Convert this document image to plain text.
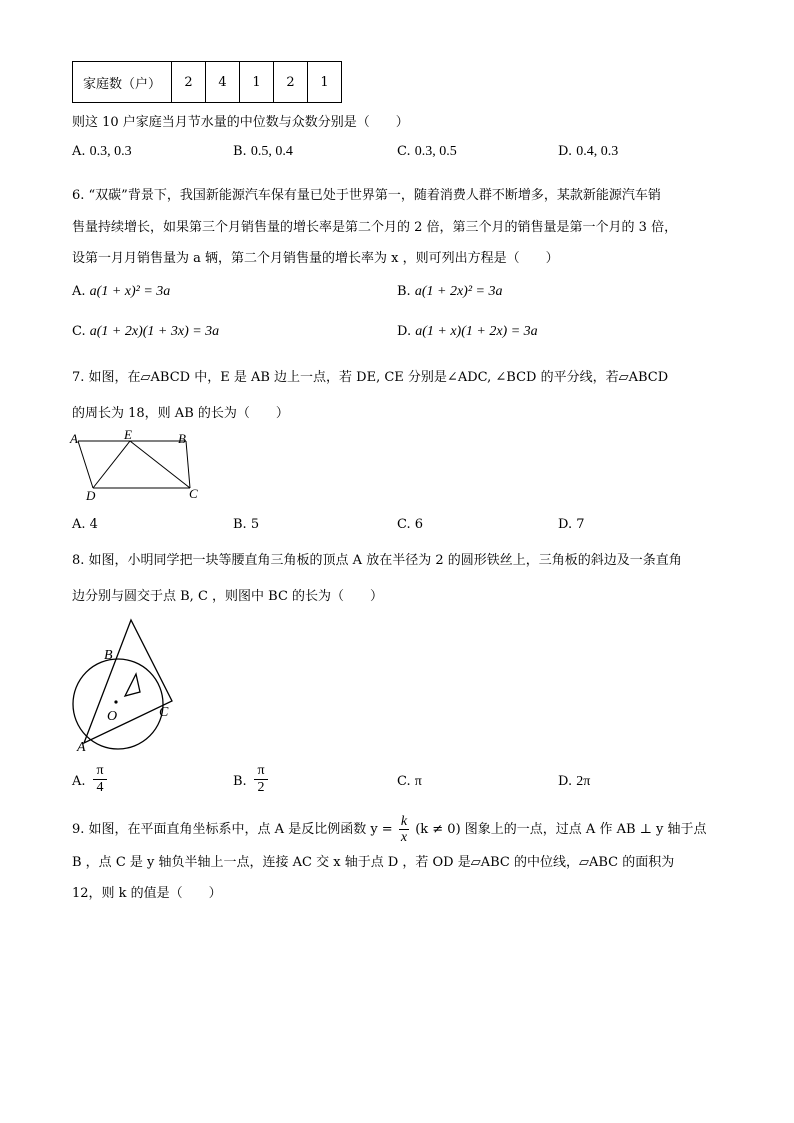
家庭数（户）	2	4	1	2	1
则这 10 户家庭当月节水量的中位数与众数分别是（　　）
A. 0.3, 0.3	B. 0.5, 0.4	C. 0.3, 0.5	D. 0.4, 0.3
6. “双碳”背景下，我国新能源汽车保有量已处于世界第一，随着消费人群不断增多，某款新能源汽车销
售量持续增长，如果第三个月销售量的增长率是第二个月的 2 倍，第三个月的销售量是第一个月的 3 倍，
设第一月月销售量为 a 辆，第二个月销售量的增长率为 x ，则可列出方程是（　　）
A. a(1 + x)² = 3a	B. a(1 + 2x)² = 3a
C. a(1 + 2x)(1 + 3x) = 3a	D. a(1 + x)(1 + 2x) = 3a
7. 如图，在▱ABCD 中，E 是 AB 边上一点，若 DE, CE 分别是∠ADC, ∠BCD 的平分线，若▱ABCD
的周长为 18，则 AB 的长为（　　）
A	E	B
D	C
A. 4	B. 5	C. 6	D. 7
8. 如图，小明同学把一块等腰直角三角板的顶点 A 放在半径为 2 的圆形铁丝上，三角板的斜边及一条直角
边分别与圆交于点 B, C ，则图中 BC 的长为（　　）
B
O	C
A
A. $\frac{\pi}{4}$	B. $\frac{\pi}{2}$	C. π	D. 2π
9. 如图，在平面直角坐标系中，点 A 是反比例函数 $y = \frac{k}{x} (k \ne 0)$ 图象上的一点，过点 A 作 AB ⊥ y 轴于点
B ，点 C 是 y 轴负半轴上一点，连接 AC 交 x 轴于点 D ，若 OD 是▱ABC 的中位线，▱ABC 的面积为
12，则 k 的值是（　　）
